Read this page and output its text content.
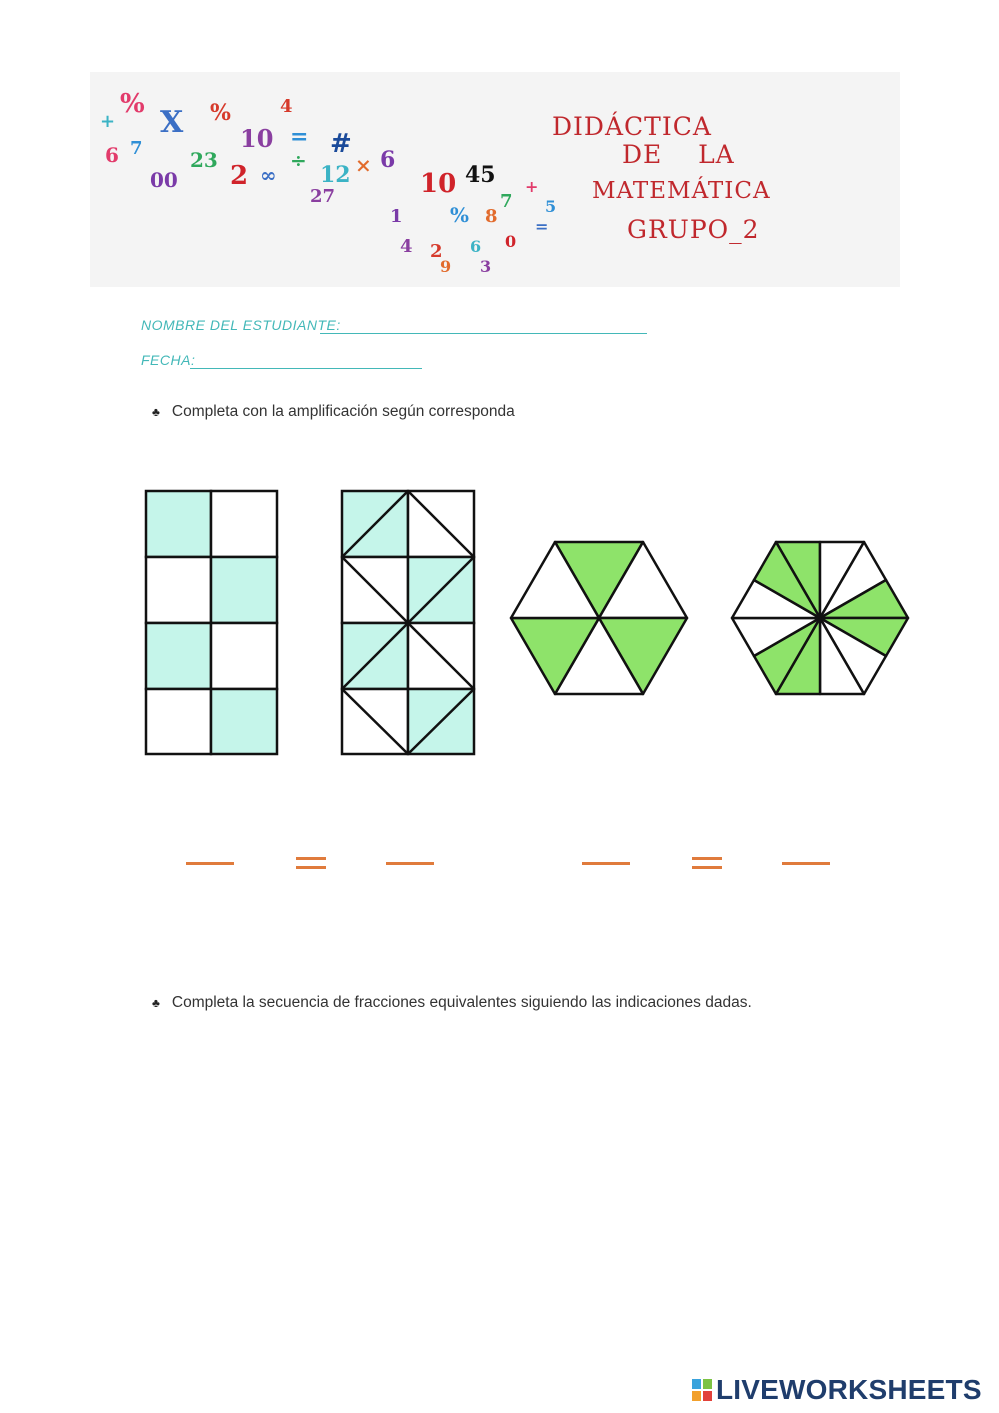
%
X %
10 = #
× 6
23
2
00	∞ 12
6 7
27
+
4
÷
10 45
% 8
4 2
7
+
=
1
6 0
5
9 3
DIDÁCTICA
DE    LA
MATEMÁTICA
GRUPO_2
NOMBRE DEL ESTUDIANTE:
FECHA:
♣ Completa con la amplificación según corresponda
♣ Completa la secuencia de fracciones equivalentes siguiendo las indicaciones dadas.
LIVEWORKSHEETS
